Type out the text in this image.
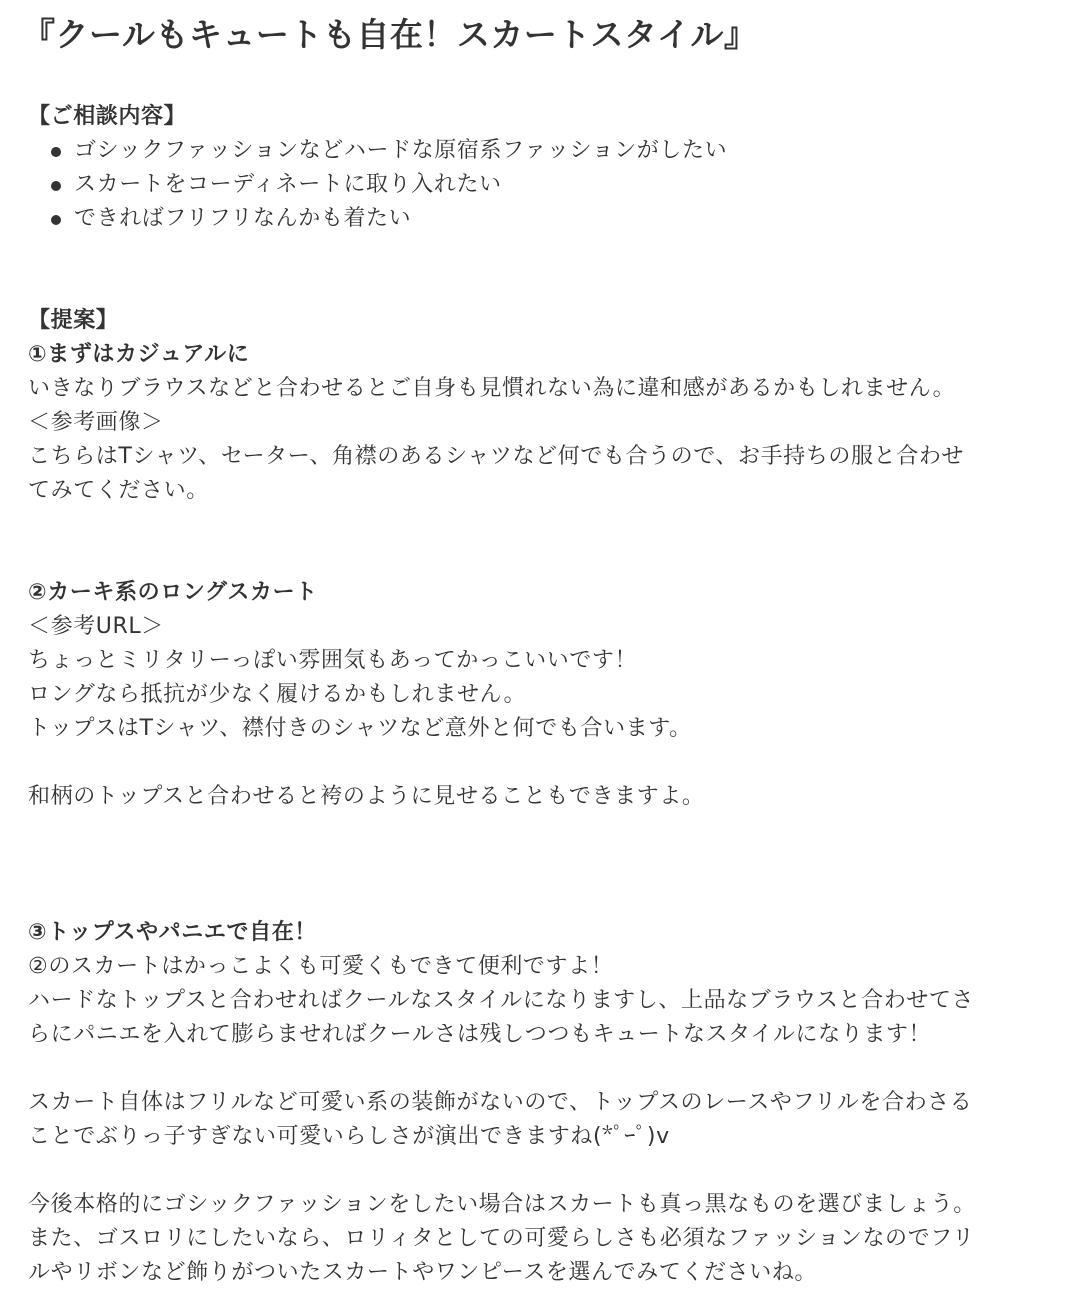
『クールもキュートも自在！スカートスタイル』
【ご相談内容】
ゴシックファッションなどハードな原宿系ファッションがしたい
スカートをコーディネートに取り入れたい
できればフリフリなんかも着たい
【提案】
①まずはカジュアルに
いきなりブラウスなどと合わせるとご自身も見慣れない為に違和感があるかもしれません。
＜参考画像＞
こちらはTシャツ、セーター、角襟のあるシャツなど何でも合うので、お手持ちの服と合わせ
てみてください。
②カーキ系のロングスカート
＜参考URL＞
ちょっとミリタリーっぽい雰囲気もあってかっこいいです！
ロングなら抵抗が少なく履けるかもしれません。
トップスはTシャツ、襟付きのシャツなど意外と何でも合います。
和柄のトップスと合わせると袴のように見せることもできますよ。
③トップスやパニエで自在！
②のスカートはかっこよくも可愛くもできて便利ですよ！
ハードなトップスと合わせればクールなスタイルになりますし、上品なブラウスと合わせてさ
らにパニエを入れて膨らませればクールさは残しつつもキュートなスタイルになります！
スカート自体はフリルなど可愛い系の装飾がないので、トップスのレースやフリルを合わさる
ことでぶりっ子すぎない可愛いらしさが演出できますね(*ﾟｰﾟ)v
今後本格的にゴシックファッションをしたい場合はスカートも真っ黒なものを選びましょう。
また、ゴスロリにしたいなら、ロリィタとしての可愛らしさも必須なファッションなのでフリ
ルやリボンなど飾りがついたスカートやワンピースを選んでみてくださいね。
